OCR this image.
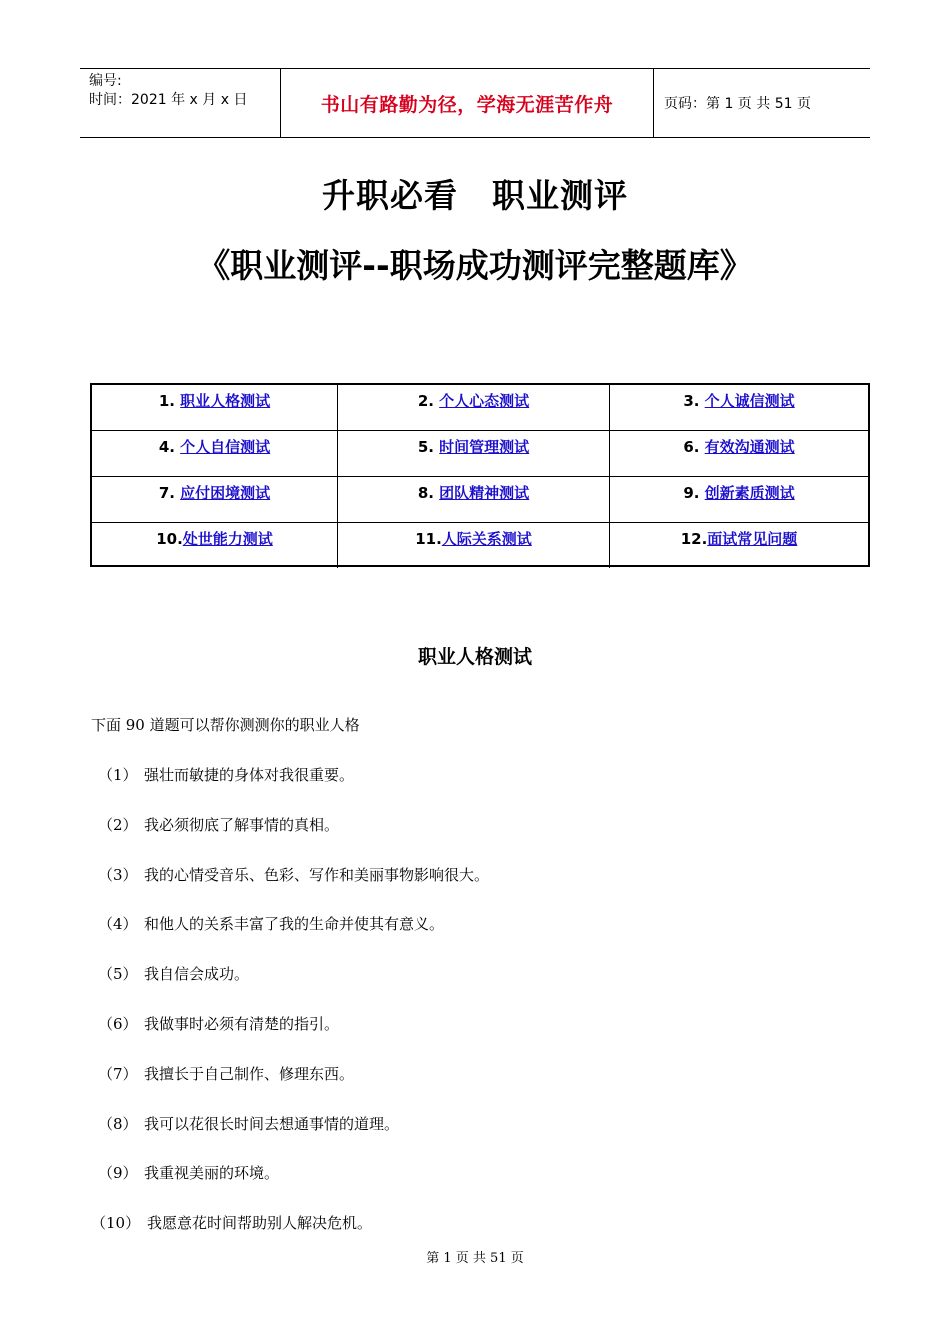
编号:
时间：2021 年 x 月 x 日	书山有路勤为径，学海无涯苦作舟	页码：第 1 页 共 51 页
升职必看　职业测评
《职业测评--职场成功测评完整题库》
1. 职业人格测试	2. 个人心态测试	3. 个人诚信测试
4. 个人自信测试	5. 时间管理测试	6. 有效沟通测试
7. 应付困境测试	8. 团队精神测试	9. 创新素质测试
10.处世能力测试	11.人际关系测试	12.面试常见问题
职业人格测试
下面 90 道题可以帮你测测你的职业人格
（1） 强壮而敏捷的身体对我很重要。
（2） 我必须彻底了解事情的真相。
（3） 我的心情受音乐、色彩、写作和美丽事物影响很大。
（4） 和他人的关系丰富了我的生命并使其有意义。
（5） 我自信会成功。
（6） 我做事时必须有清楚的指引。
（7） 我擅长于自己制作、修理东西。
（8） 我可以花很长时间去想通事情的道理。
（9） 我重视美丽的环境。
（10） 我愿意花时间帮助别人解决危机。
第 1 页 共 51 页
